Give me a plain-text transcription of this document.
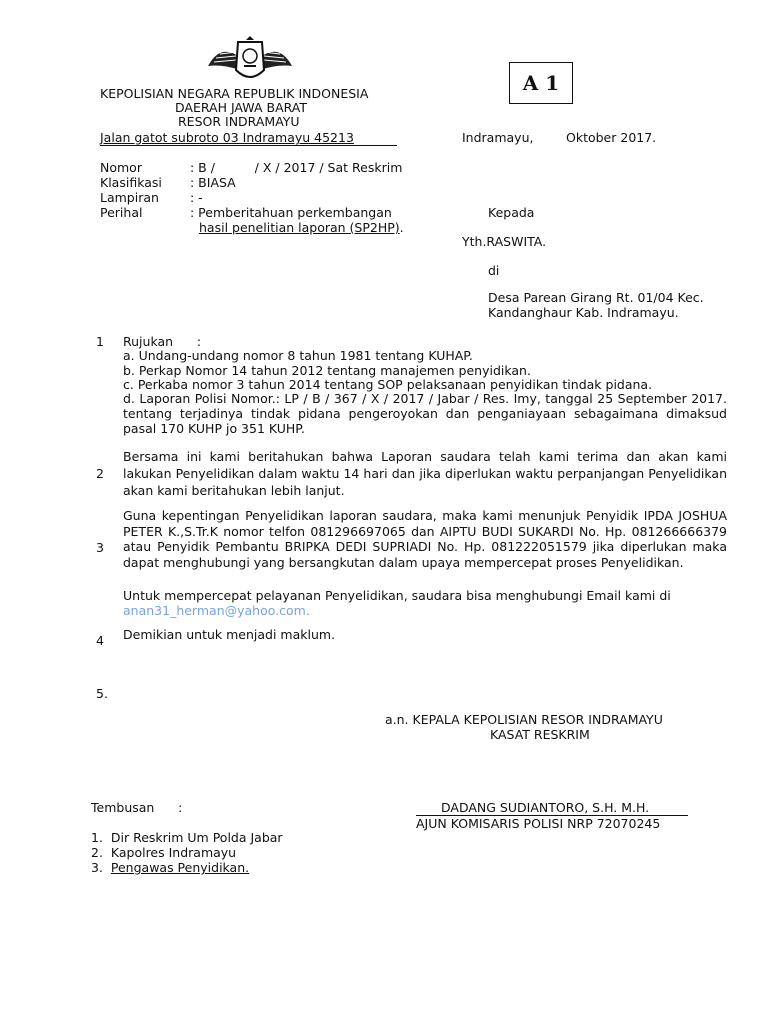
A 1
KEPOLISIAN NEGARA REPUBLIK INDONESIA
DAERAH JAWA BARAT
RESOR INDRAMAYU
Jalan gatot subroto 03 Indramayu 45213	Indramayu,	Oktober 2017.
Nomor	: B /          / X / 2017 / Sat Reskrim
Klasifikasi : BIASA
Lampiran : -
Perihal	: Pemberitahuan perkembangan
hasil penelitian laporan (SP2HP).
Kepada
Yth.RASWITA.
di
Desa Parean Girang Rt. 01/04 Kec.
Kandanghaur Kab. Indramayu.
1 Rujukan      :
a. Undang-undang nomor 8 tahun 1981 tentang KUHAP.
b. Perkap Nomor 14 tahun 2012 tentang manajemen penyidikan.
c. Perkaba nomor 3 tahun 2014 tentang SOP pelaksanaan penyidikan tindak pidana.
d. Laporan Polisi Nomor.: LP / B / 367 / X / 2017 / Jabar / Res. Imy, tanggal 25 September 2017. tentang terjadinya tindak pidana pengeroyokan dan penganiayaan sebagaimana dimaksud pasal 170 KUHP jo 351 KUHP.
2
Bersama ini kami beritahukan bahwa Laporan saudara telah kami terima dan akan kami lakukan Penyelidikan dalam waktu 14 hari dan jika diperlukan waktu perpanjangan Penyelidikan akan kami beritahukan lebih lanjut.
3
Guna kepentingan Penyelidikan laporan saudara, maka kami menunjuk Penyidik IPDA JOSHUA PETER K.,S.Tr.K nomor telfon 081296697065 dan AIPTU BUDI SUKARDI No. Hp. 081266666379 atau Penyidik Pembantu BRIPKA DEDI SUPRIADI No. Hp. 081222051579 jika diperlukan maka dapat menghubungi yang bersangkutan dalam upaya mempercepat proses Penyelidikan.
Untuk mempercepat pelayanan Penyelidikan, saudara bisa menghubungi Email kami di
anan31_herman@yahoo.com.
4 Demikian untuk menjadi maklum.
5.
a.n. KEPALA KEPOLISIAN RESOR INDRAMAYU
KASAT RESKRIM
DADANG SUDIANTORO, S.H. M.H.
AJUN KOMISARIS POLISI NRP 72070245
Tembusan      :
1.  Dir Reskrim Um Polda Jabar
2.  Kapolres Indramayu
3. Pengawas Penyidikan.
